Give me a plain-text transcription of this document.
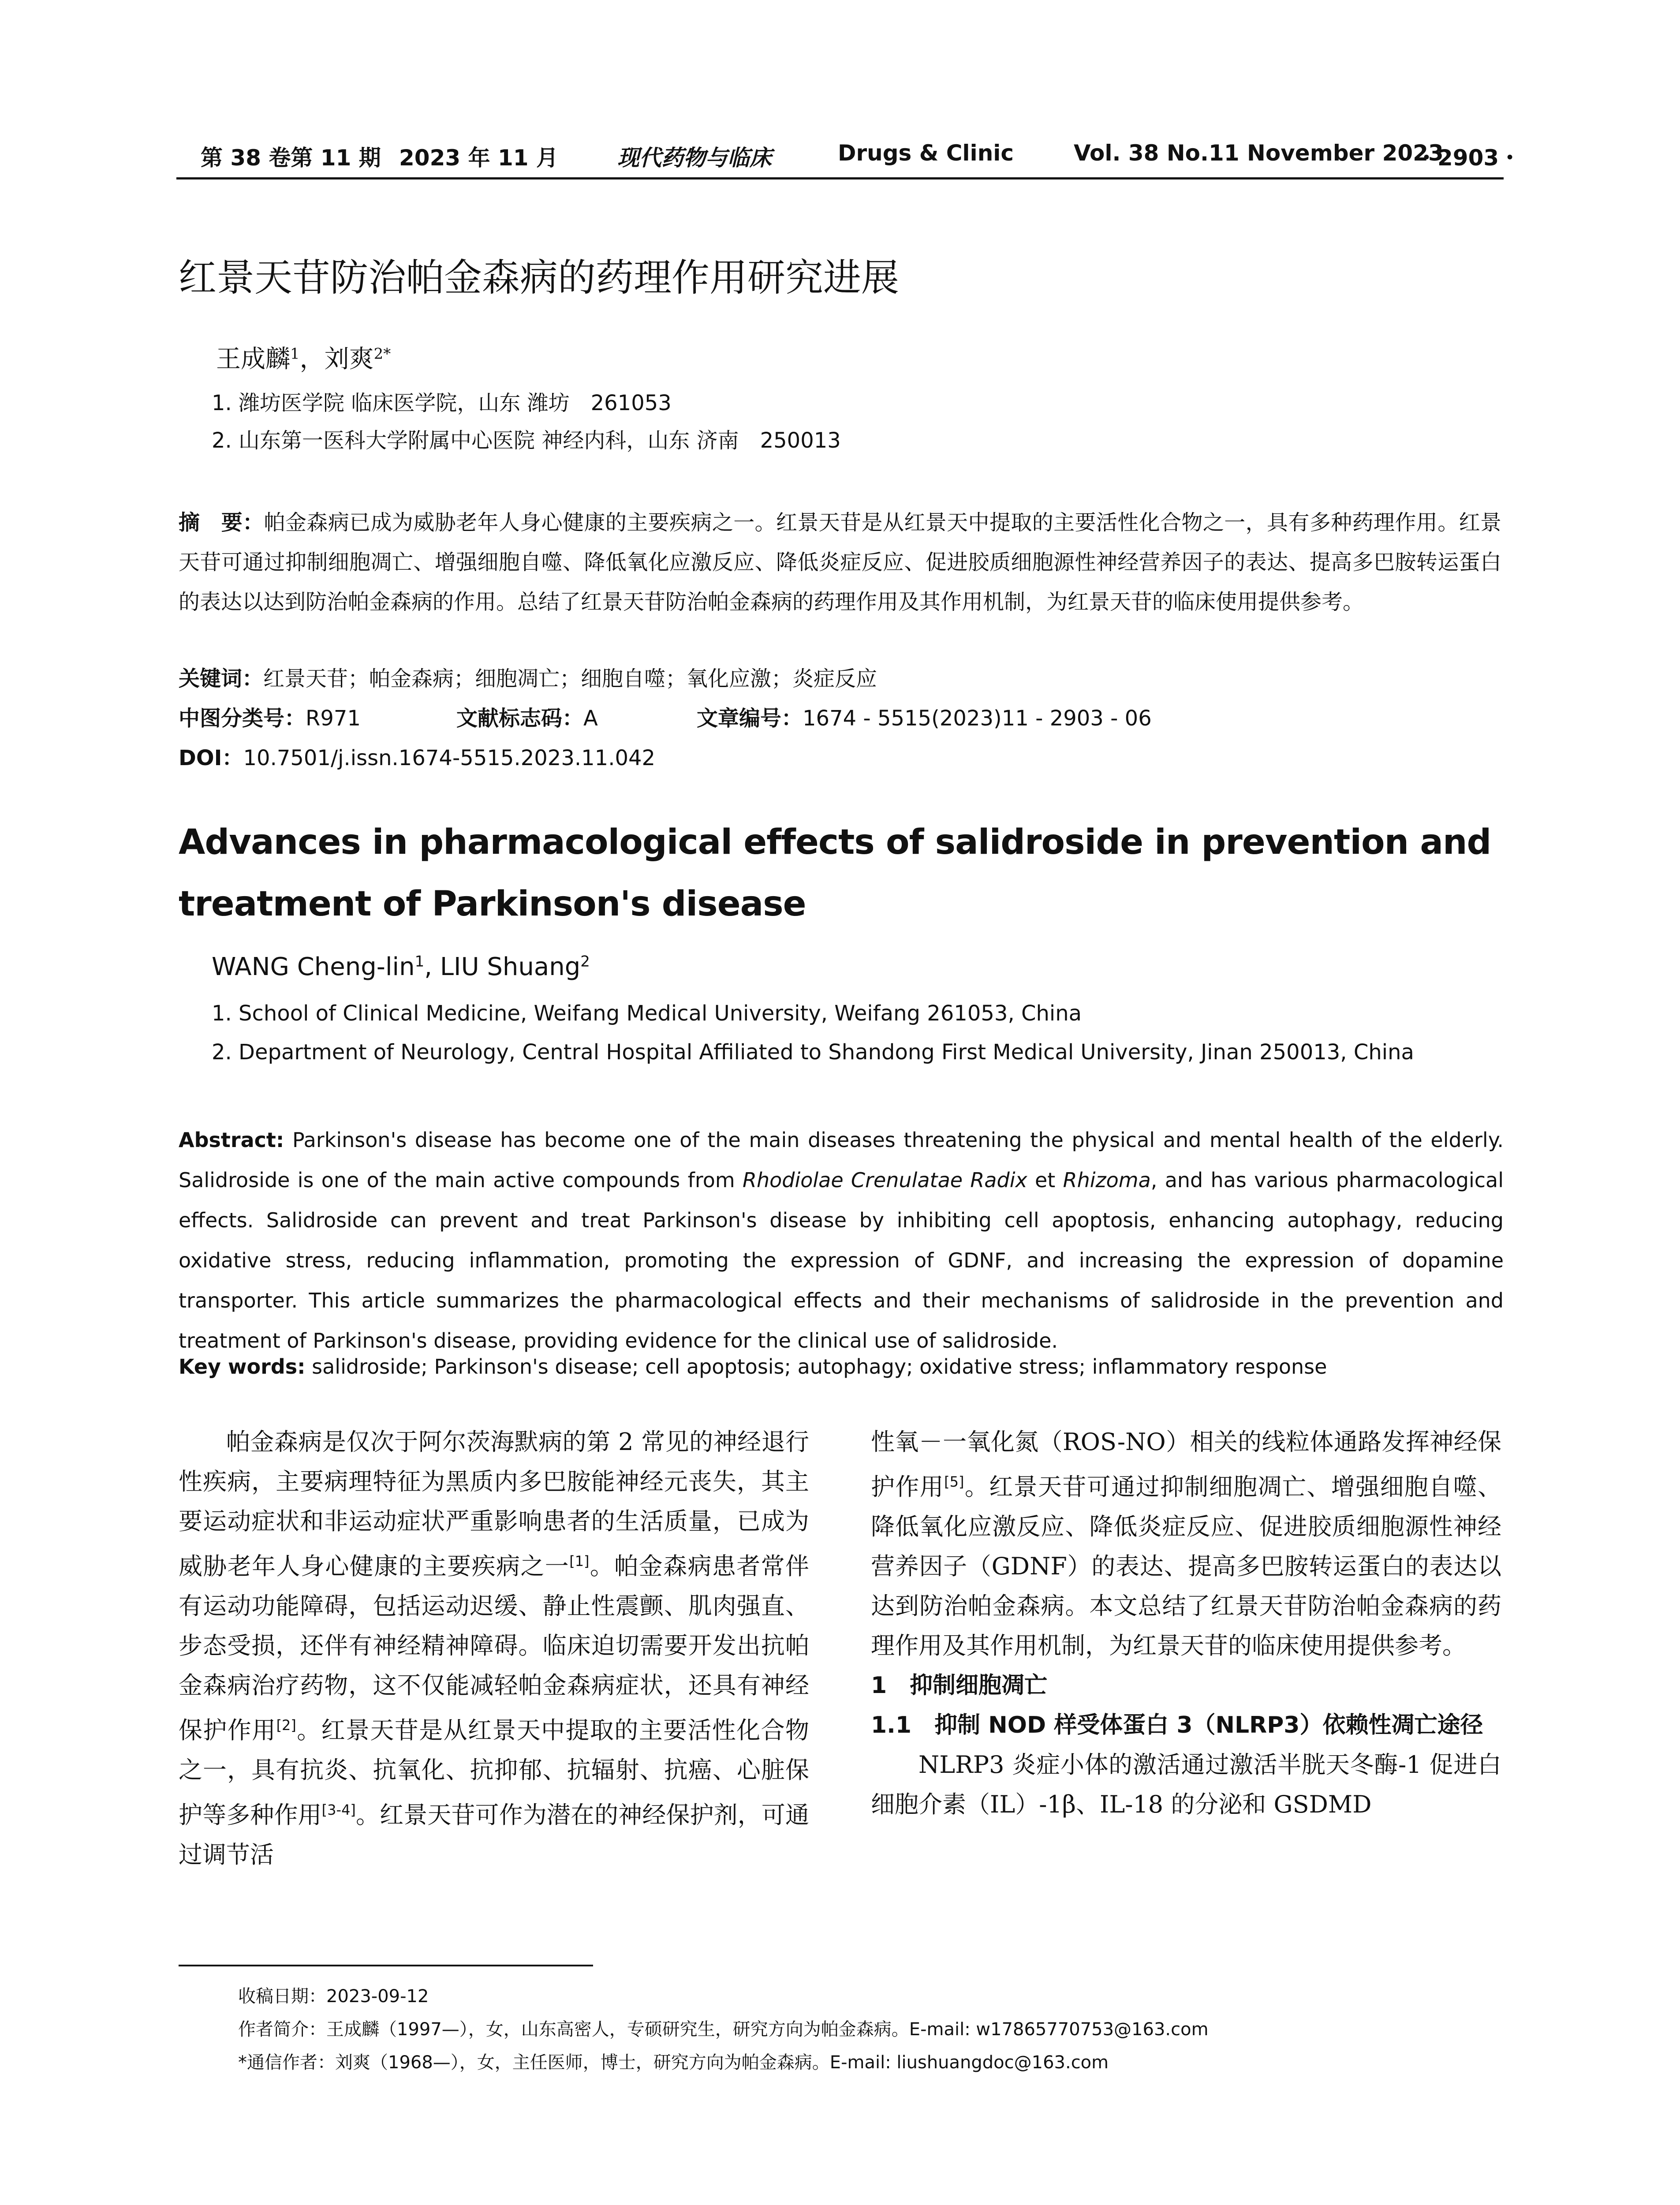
第 38 卷第 11 期 2023 年 11 月	现代药物与临床	Drugs & Clinic	Vol. 38 No.11 November 2023
・2903・
红景天苷防治帕金森病的药理作用研究进展
王成麟$^1$，刘爽$^{2*}$
1. 潍坊医学院 临床医学院，山东 潍坊　261053
2. 山东第一医科大学附属中心医院 神经内科，山东 济南　250013
摘　要：帕金森病已成为威胁老年人身心健康的主要疾病之一。红景天苷是从红景天中提取的主要活性化合物之一，具有多种药理作用。红景天苷可通过抑制细胞凋亡、增强细胞自噬、降低氧化应激反应、降低炎症反应、促进胶质细胞源性神经营养因子的表达、提高多巴胺转运蛋白的表达以达到防治帕金森病的作用。总结了红景天苷防治帕金森病的药理作用及其作用机制，为红景天苷的临床使用提供参考。
关键词：红景天苷；帕金森病；细胞凋亡；细胞自噬；氧化应激；炎症反应
中图分类号：R971	文献标志码：A	文章编号：1674 - 5515(2023)11 - 2903 - 06
DOI：10.7501/j.issn.1674-5515.2023.11.042
Advances in pharmacological effects of salidroside in prevention and treatment of Parkinson's disease
WANG Cheng-lin$^1$, LIU Shuang$^2$
1. School of Clinical Medicine, Weifang Medical University, Weifang 261053, China
2. Department of Neurology, Central Hospital Affiliated to Shandong First Medical University, Jinan 250013, China
Abstract: Parkinson's disease has become one of the main diseases threatening the physical and mental health of the elderly. Salidroside is one of the main active compounds from Rhodiolae Crenulatae Radix et Rhizoma, and has various pharmacological effects. Salidroside can prevent and treat Parkinson's disease by inhibiting cell apoptosis, enhancing autophagy, reducing oxidative stress, reducing inflammation, promoting the expression of GDNF, and increasing the expression of dopamine transporter. This article summarizes the pharmacological effects and their mechanisms of salidroside in the prevention and treatment of Parkinson's disease, providing evidence for the clinical use of salidroside.
Key words: salidroside; Parkinson's disease; cell apoptosis; autophagy; oxidative stress; inflammatory response

帕金森病是仅次于阿尔茨海默病的第 2 常见的神经退行性疾病，主要病理特征为黑质内多巴胺能神经元丧失，其主要运动症状和非运动症状严重影响患者的生活质量，已成为威胁老年人身心健康的主要疾病之一[1]。帕金森病患者常伴有运动功能障碍，包括运动迟缓、静止性震颤、肌肉强直、步态受损，还伴有神经精神障碍。临床迫切需要开发出抗帕金森病治疗药物，这不仅能减轻帕金森病症状，还具有神经保护作用[2]。红景天苷是从红景天中提取的主要活性化合物之一，具有抗炎、抗氧化、抗抑郁、抗辐射、抗癌、心脏保护等多种作用[3-4]。红景天苷可作为潜在的神经保护剂，可通过调节活

性氧－一氧化氮（ROS-NO）相关的线粒体通路发挥神经保护作用[5]。红景天苷可通过抑制细胞凋亡、增强细胞自噬、降低氧化应激反应、降低炎症反应、促进胶质细胞源性神经营养因子（GDNF）的表达、提高多巴胺转运蛋白的表达以达到防治帕金森病。本文总结了红景天苷防治帕金森病的药理作用及其作用机制，为红景天苷的临床使用提供参考。

1　抑制细胞凋亡

1.1　抑制 NOD 样受体蛋白 3（NLRP3）依赖性凋亡途径

NLRP3 炎症小体的激活通过激活半胱天冬酶-1 促进白细胞介素（IL）-1β、IL-18 的分泌和 GSDMD

收稿日期：2023-09-12
作者简介：王成麟（1997—），女，山东高密人，专硕研究生，研究方向为帕金森病。E-mail: w17865770753@163.com
*通信作者：刘爽（1968—），女，主任医师，博士，研究方向为帕金森病。E-mail: liushuangdoc@163.com
